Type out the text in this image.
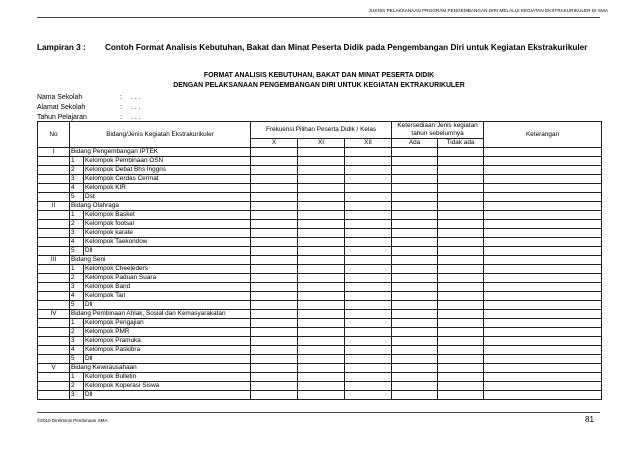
JUKNIS PELAKSANAAN PROGRAM PENGEMBANGAN DIRI MELALUI KEGIATAN EKSTRAKURIKULER DI SMA
Lampiran 3 : Contoh Format Analisis Kebutuhan, Bakat dan Minat Peserta Didik pada Pengembangan Diri untuk Kegiatan Ekstrakurikuler
FORMAT ANALISIS KEBUTUHAN, BAKAT DAN MINAT PESERTA DIDIK
DENGAN PELAKSANAAN PENGEMBANGAN DIRI UNTUK KEGIATAN EKTRAKURIKULER
Nama Sekolah	: . . .
Alamat Sekolah	: . . .
Tahun Pelajaran	: . . .
No	Bidang/Jenis Kegiatan Ekstrakurikuler		Frekuensi Pilihan Peserta Didik / Kelas			Ketersediaan Jenis kegiatan tahun sebelumnya		Keterangan
			X	XI	XII	Ada	Tidak ada	
I	Bidang Pengembangan IPTEK							
	1	Kelompok Pembinaan OSN						
	2	Kelompok Debat Bhs Inggris						
	3	Kelompok Cerdas Cermat						
	4	Kelompok KIR						
	5	Dst						
II	Bidang Olahraga							
	1	Kelompok Basket						
	2	Kelompok footsal						
	3	Kelompok karate						
	4	Kelompok Taekondow						
	5	Dll						
III	Bidang Seni							
	1	Kelompok Cheeleders						
	2	Kelompok Paduan Suara						
	3	Kelompok Band						
	4	Kelompok Tari						
	5	Dll						
IV	Bidang Pembinaan Ahlak, Sosial dan Kemasyarakatan							
	1	Kelompok Pengajian						
	2	Kelompok PMR						
	3	Kelompok Pramuka						
	4	Kelompok Paskibra						
	5	Dll						
V	Bidang Kewirausahaan							
	1	Kelompok Bulletin						
	2	Kelompok Koperasi Siswa						
	3	Dll						
©2010 Direktorat Pembinaan SMA	81
